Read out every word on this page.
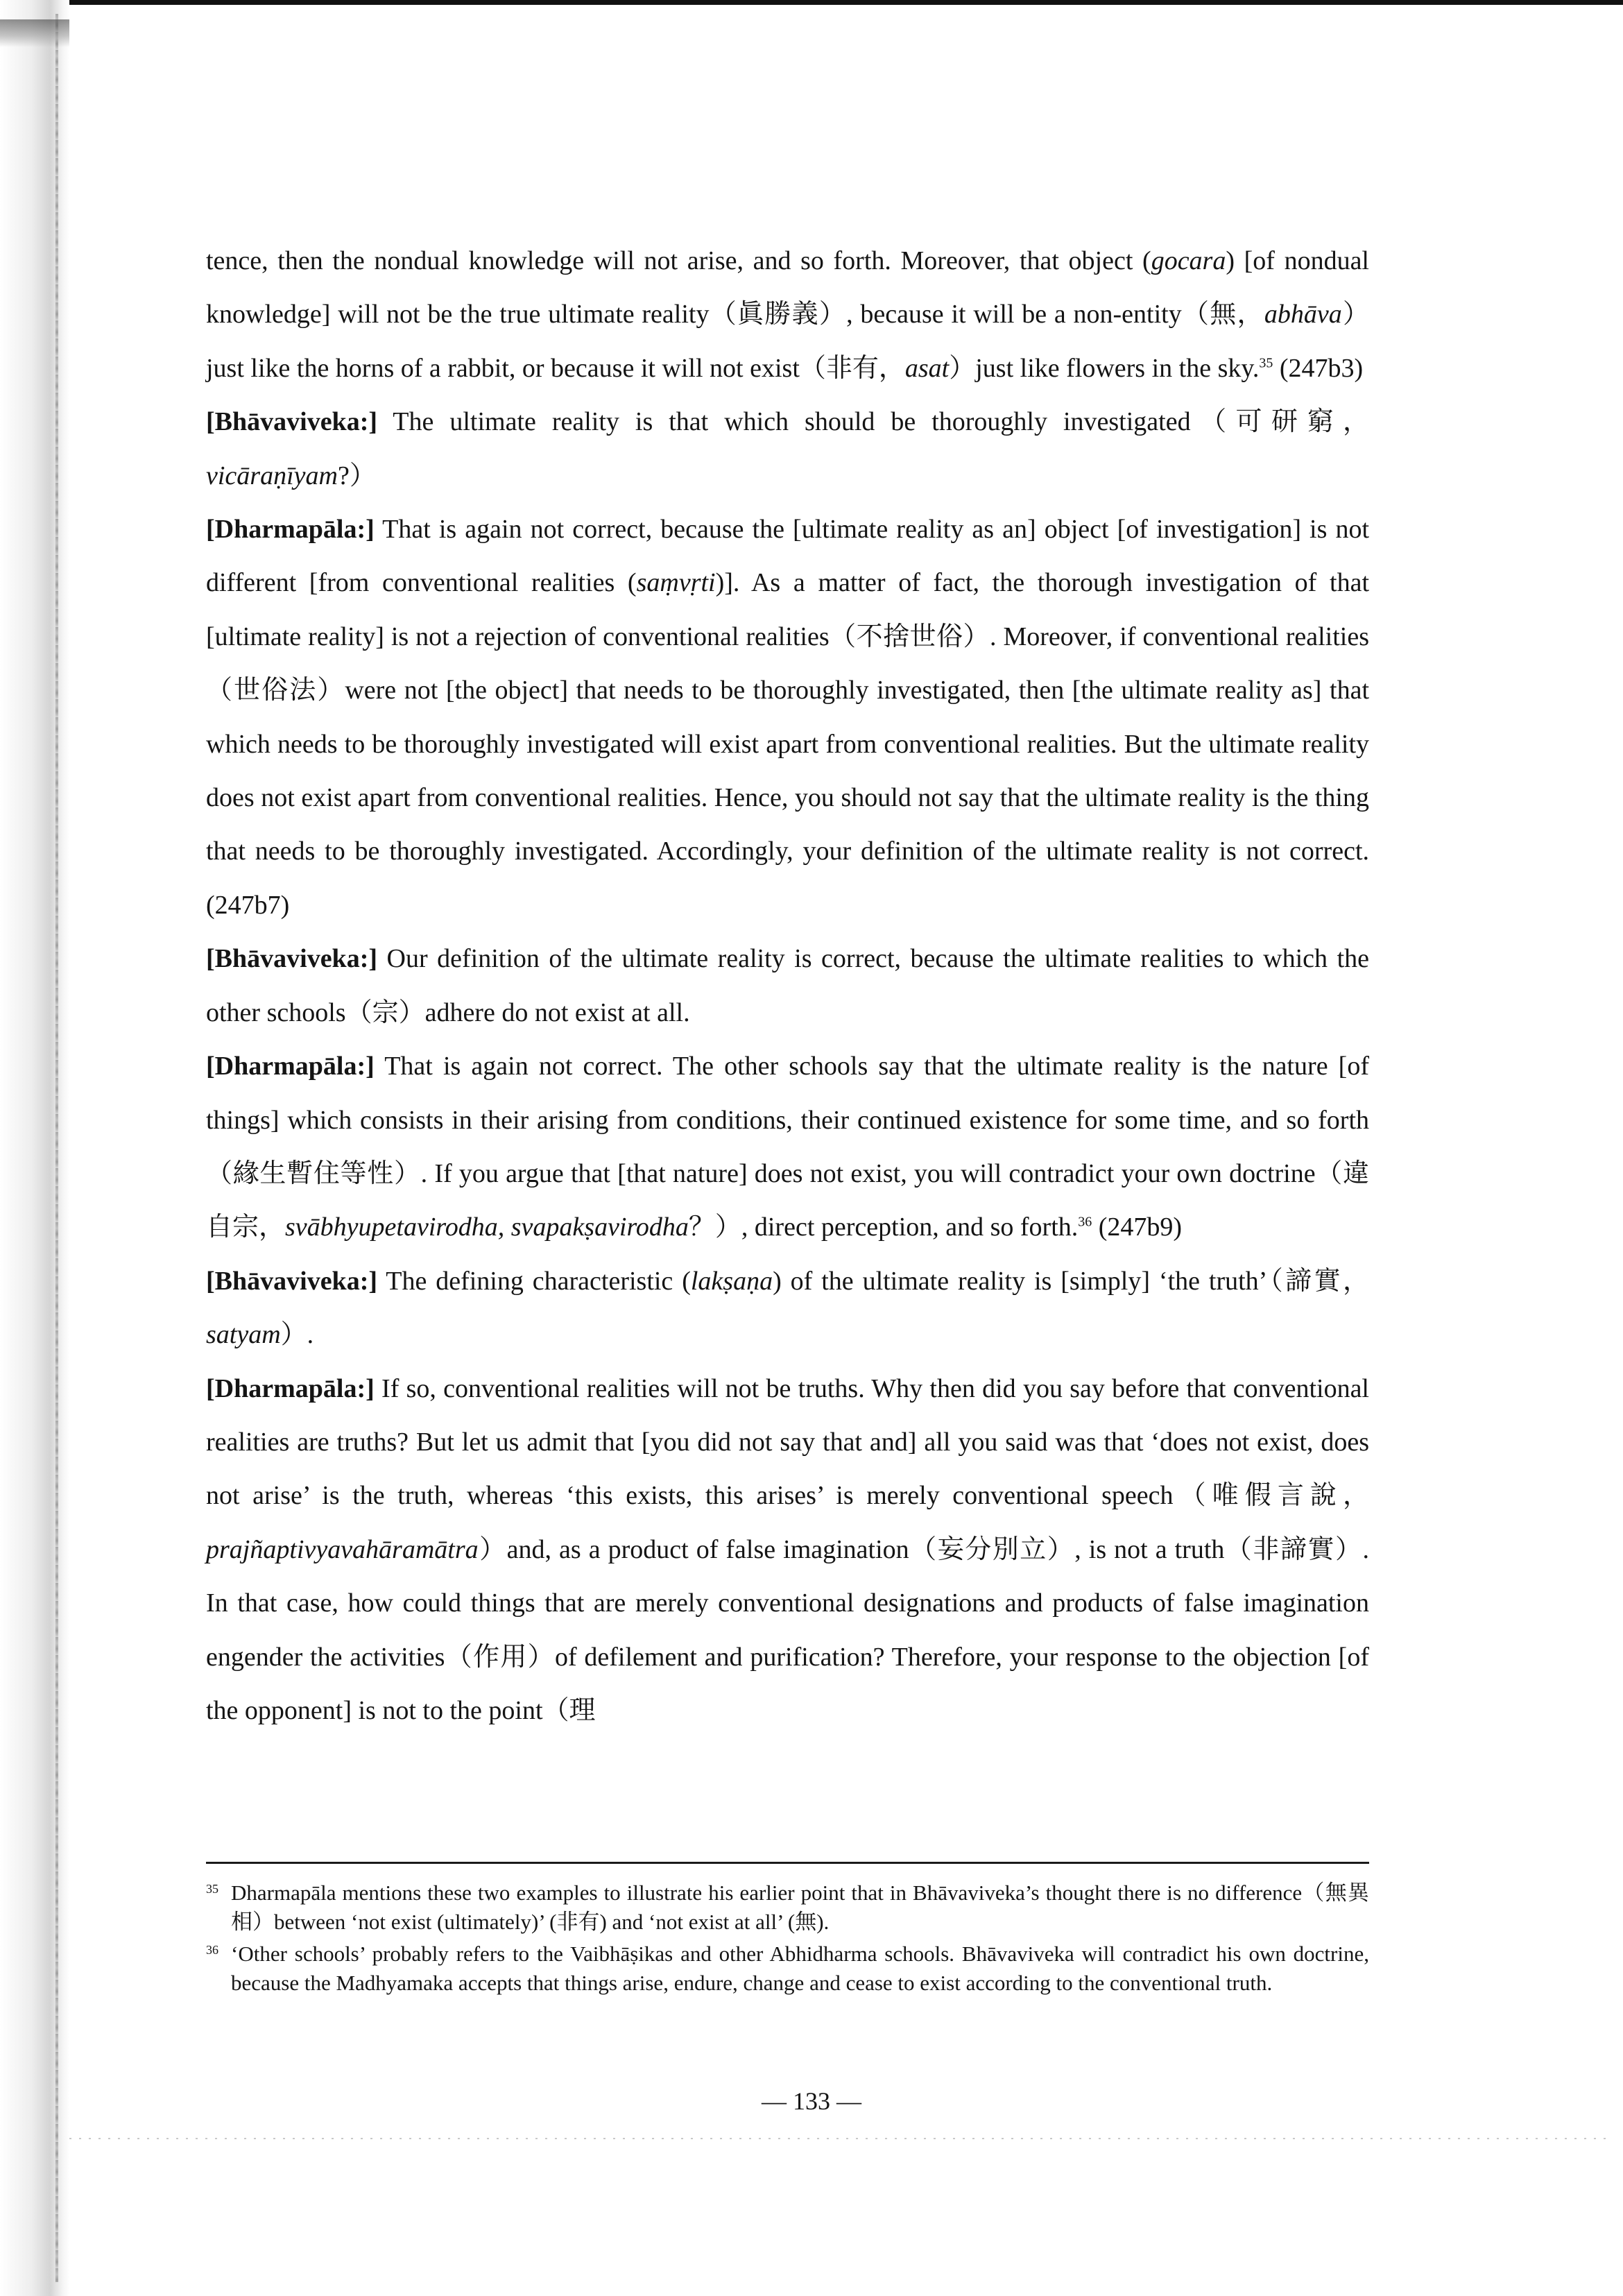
tence, then the nondual knowledge will not arise, and so forth. Moreover, that object (gocara) [of nondual knowledge] will not be the true ultimate reality（眞勝義）, because it will be a non-entity（無，abhāva）just like the horns of a rabbit, or because it will not exist（非有，asat）just like flowers in the sky.$^{35}$ (247b3)

[Bhāvaviveka:] The ultimate reality is that which should be thoroughly investigated（可研窮，vicāraṇīyam?）

[Dharmapāla:] That is again not correct, because the [ultimate reality as an] object [of investigation] is not different [from conventional realities (saṃvṛti)]. As a matter of fact, the thorough investigation of that [ultimate reality] is not a rejection of conventional realities（不捨世俗）. Moreover, if conventional realities（世俗法）were not [the object] that needs to be thoroughly investigated, then [the ultimate reality as] that which needs to be thoroughly investigated will exist apart from conventional realities. But the ultimate reality does not exist apart from conventional realities. Hence, you should not say that the ultimate reality is the thing that needs to be thoroughly investigated. Accordingly, your definition of the ultimate reality is not correct. (247b7)

[Bhāvaviveka:] Our definition of the ultimate reality is correct, because the ultimate realities to which the other schools（宗）adhere do not exist at all.

[Dharmapāla:] That is again not correct. The other schools say that the ultimate reality is the nature [of things] which consists in their arising from conditions, their continued existence for some time, and so forth（緣生暫住等性）. If you argue that [that nature] does not exist, you will contradict your own doctrine（違自宗，svābhyupetavirodha, svapakṣavirodha？）, direct perception, and so forth.$^{36}$ (247b9)

[Bhāvaviveka:] The defining characteristic (lakṣaṇa) of the ultimate reality is [simply] ‘the truth’（諦實，satyam）.

[Dharmapāla:] If so, conventional realities will not be truths. Why then did you say before that conventional realities are truths? But let us admit that [you did not say that and] all you said was that ‘does not exist, does not arise’ is the truth, whereas ‘this exists, this arises’ is merely conventional speech（唯假言說，prajñaptivyavahāramātra）and, as a product of false imagination（妄分別立）, is not a truth（非諦實）. In that case, how could things that are merely conventional designations and products of false imagination engender the activities（作用）of defilement and purification? Therefore, your response to the objection [of the opponent] is not to the point（理

35 Dharmapāla mentions these two examples to illustrate his earlier point that in Bhāvaviveka’s thought there is no difference（無異相）between ‘not exist (ultimately)’ (非有) and ‘not exist at all’ (無).
36 ‘Other schools’ probably refers to the Vaibhāṣikas and other Abhidharma schools. Bhāvaviveka will contradict his own doctrine, because the Madhyamaka accepts that things arise, endure, change and cease to exist according to the conventional truth.
— 133 —
